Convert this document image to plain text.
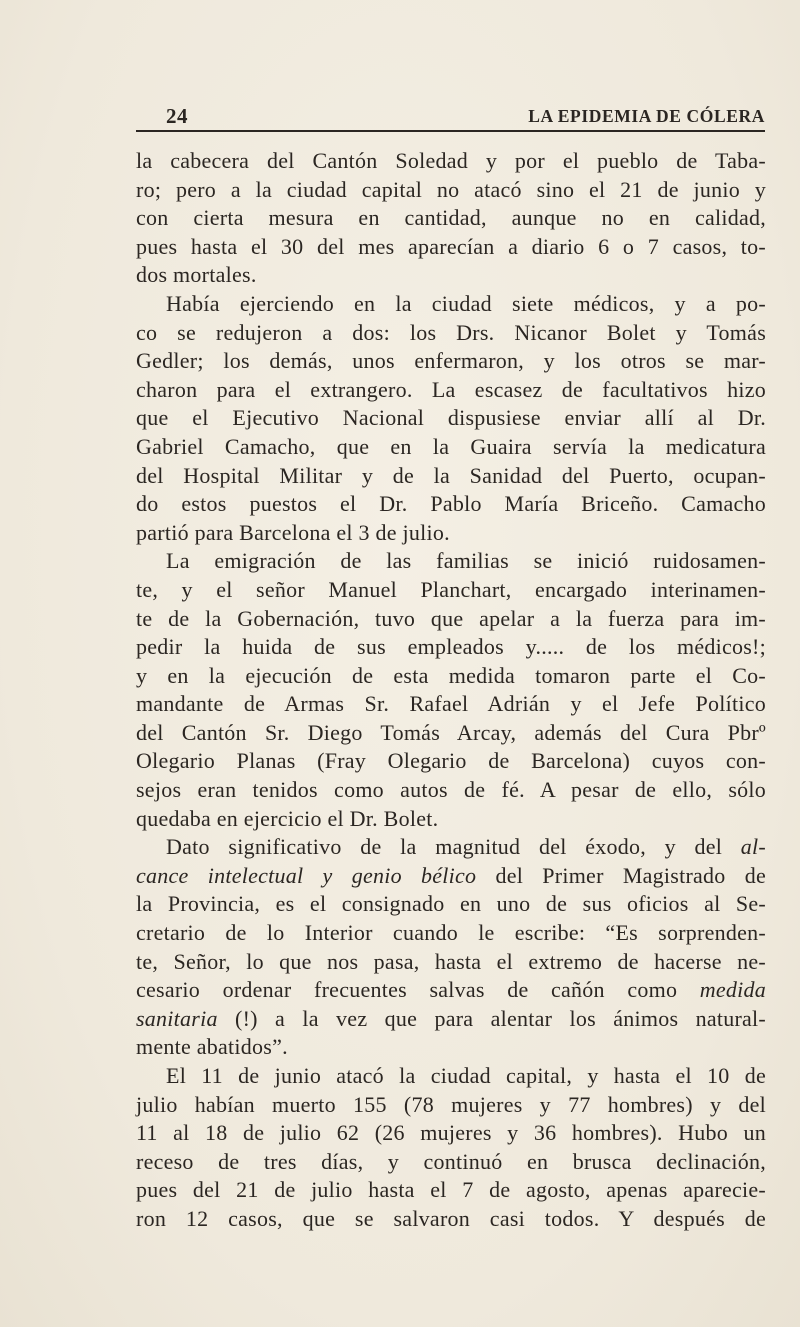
24	LA EPIDEMIA DE CÓLERA
la cabecera del Cantón Soledad y por el pueblo de Taba-
ro; pero a la ciudad capital no atacó sino el 21 de junio y
con cierta mesura en cantidad, aunque no en calidad,
pues hasta el 30 del mes aparecían a diario 6 o 7 casos, to-
dos mortales.
Había ejerciendo en la ciudad siete médicos, y a po-
co se redujeron a dos: los Drs. Nicanor Bolet y Tomás
Gedler; los demás, unos enfermaron, y los otros se mar-
charon para el extrangero. La escasez de facultativos hizo
que el Ejecutivo Nacional dispusiese enviar allí al Dr.
Gabriel Camacho, que en la Guaira servía la medicatura
del Hospital Militar y de la Sanidad del Puerto, ocupan-
do estos puestos el Dr. Pablo María Briceño. Camacho
partió para Barcelona el 3 de julio.
La emigración de las familias se inició ruidosamen-
te, y el señor Manuel Planchart, encargado interinamen-
te de la Gobernación, tuvo que apelar a la fuerza para im-
pedir la huida de sus empleados y..... de los médicos!;
y en la ejecución de esta medida tomaron parte el Co-
mandante de Armas Sr. Rafael Adrián y el Jefe Político
del Cantón Sr. Diego Tomás Arcay, además del Cura Pbrº
Olegario Planas (Fray Olegario de Barcelona) cuyos con-
sejos eran tenidos como autos de fé. A pesar de ello, sólo
quedaba en ejercicio el Dr. Bolet.
Dato significativo de la magnitud del éxodo, y del al-
cance intelectual y genio bélico del Primer Magistrado de
la Provincia, es el consignado en uno de sus oficios al Se-
cretario de lo Interior cuando le escribe: “Es sorprenden-
te, Señor, lo que nos pasa, hasta el extremo de hacerse ne-
cesario ordenar frecuentes salvas de cañón como medida
sanitaria (!) a la vez que para alentar los ánimos natural-
mente abatidos”.
El 11 de junio atacó la ciudad capital, y hasta el 10 de
julio habían muerto 155 (78 mujeres y 77 hombres) y del
11 al 18 de julio 62 (26 mujeres y 36 hombres). Hubo un
receso de tres días, y continuó en brusca declinación,
pues del 21 de julio hasta el 7 de agosto, apenas aparecie-
ron 12 casos, que se salvaron casi todos. Y después de
